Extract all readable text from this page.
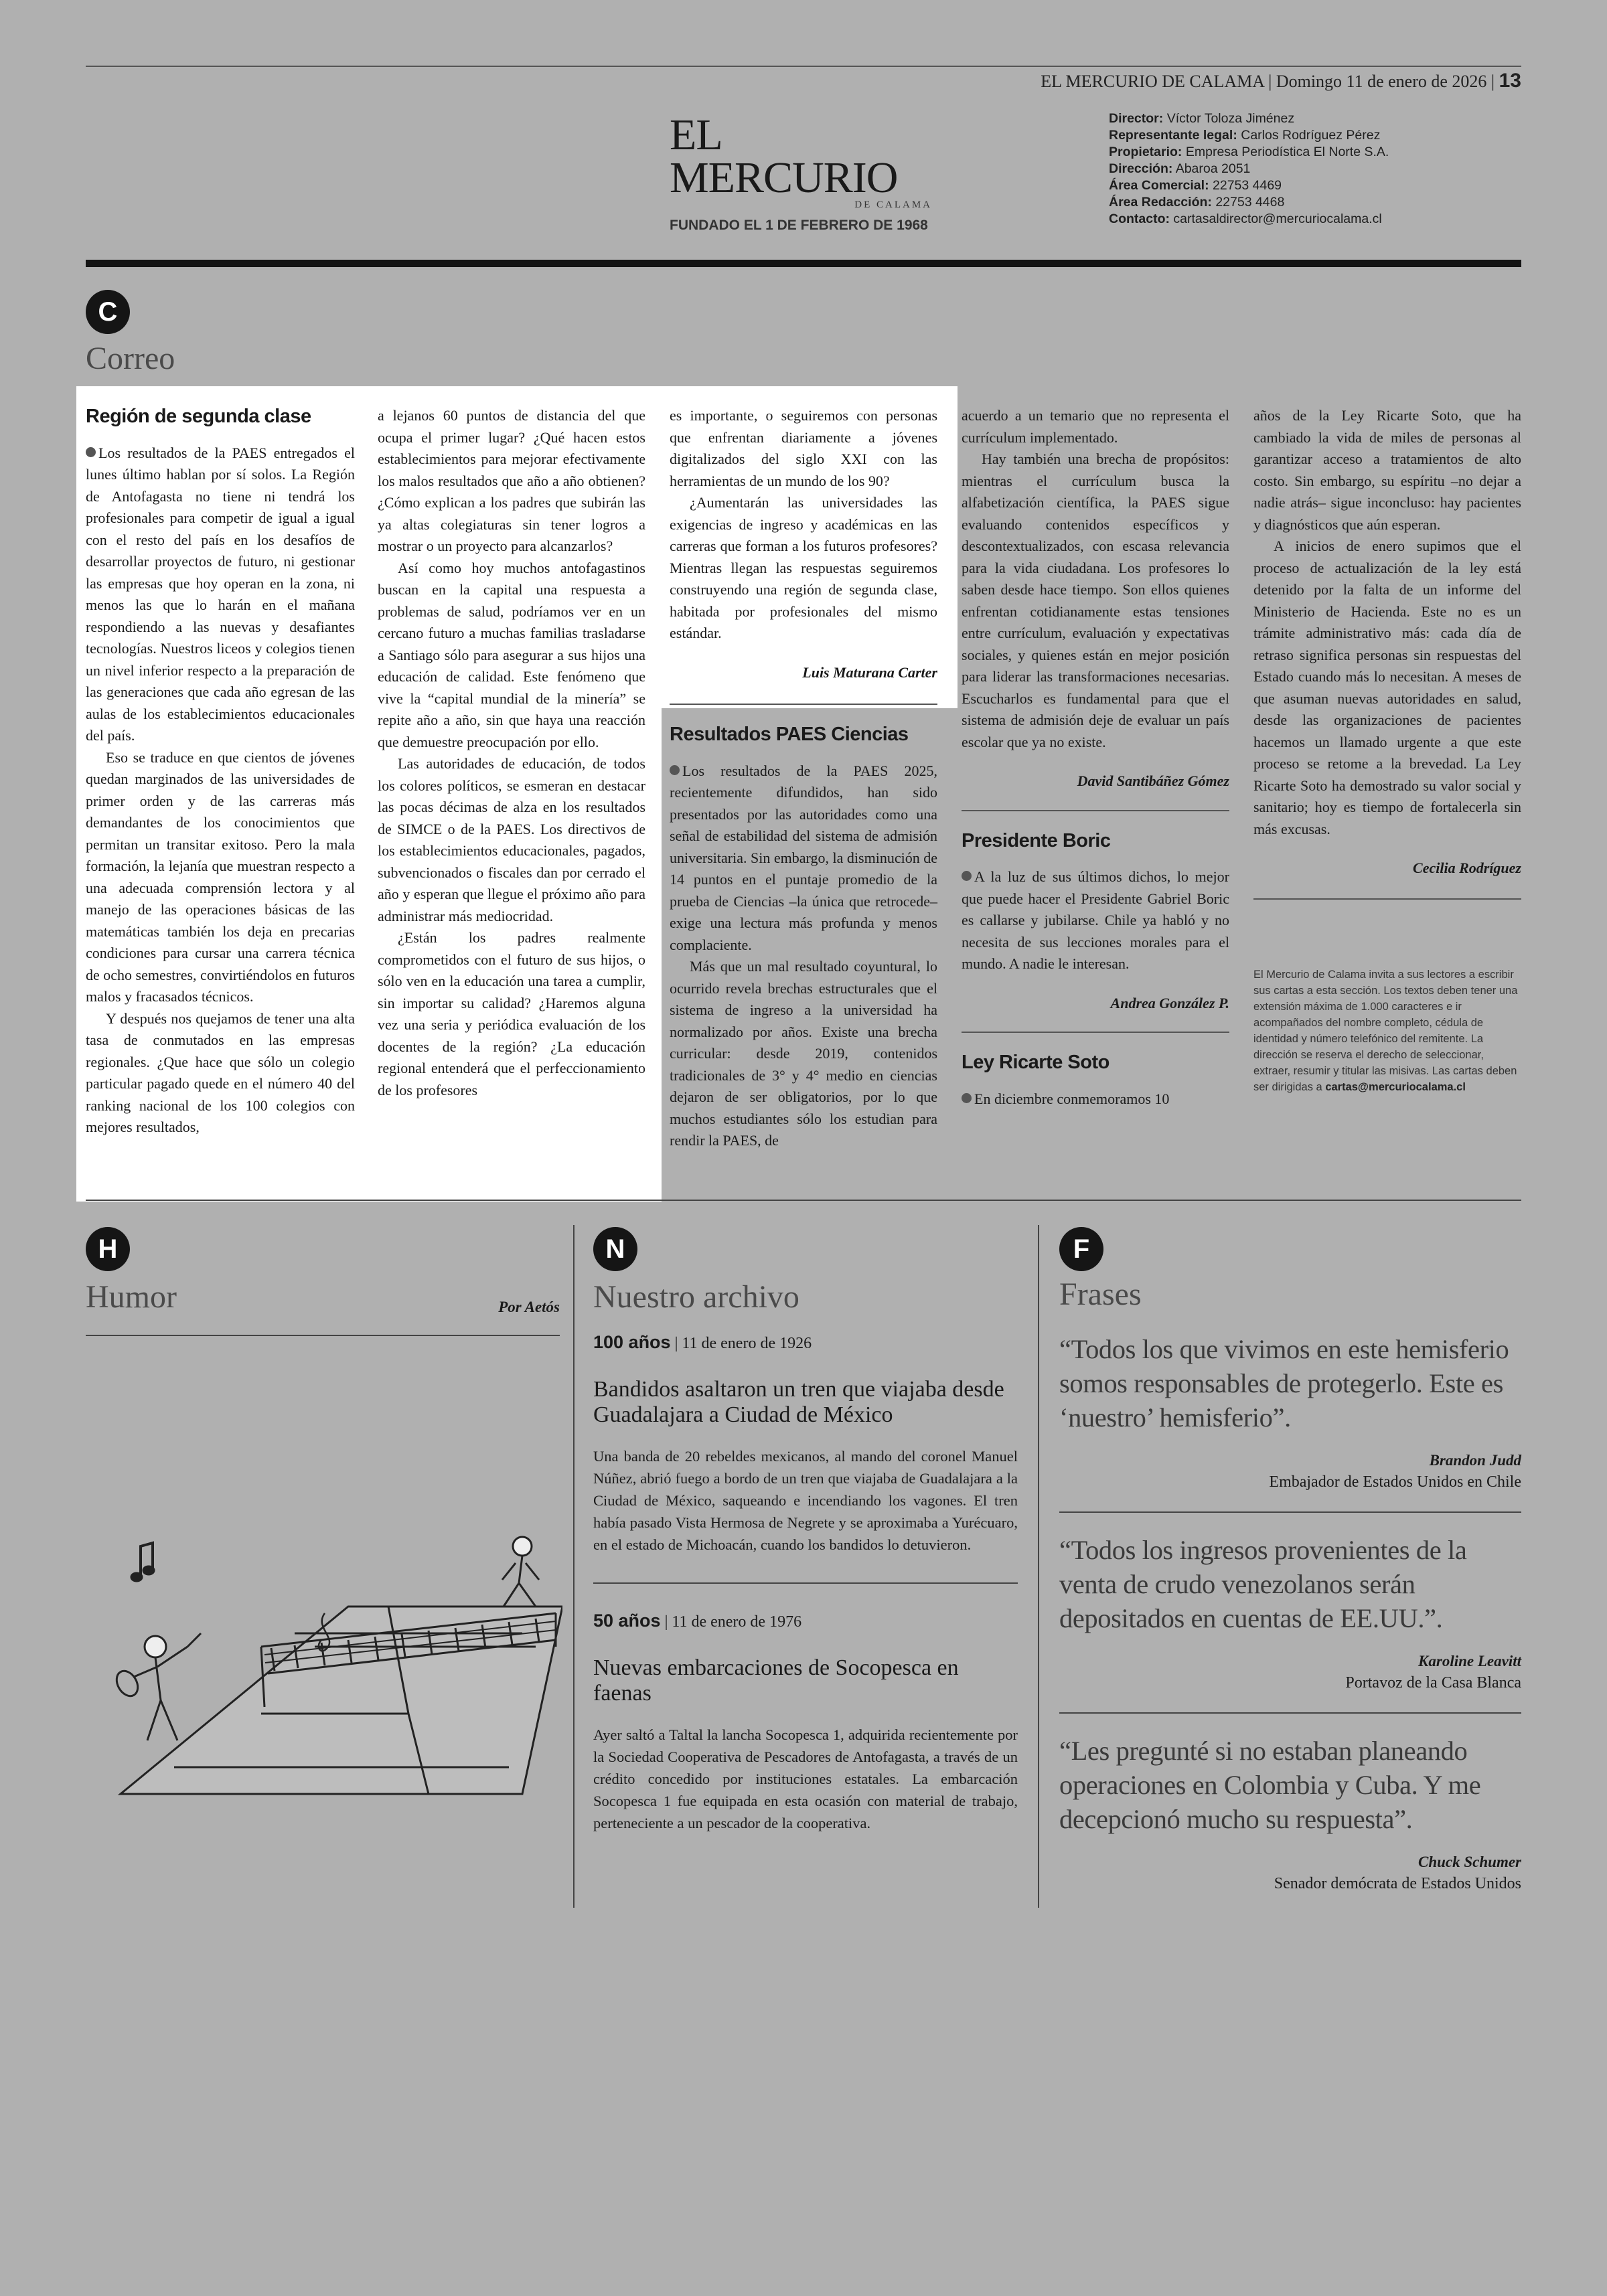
EL MERCURIO DE CALAMA | Domingo 11 de enero de 2026 | 13
EL MERCURIO
DE CALAMA
FUNDADO EL 1 DE FEBRERO DE 1968
Director: Víctor Toloza Jiménez
Representante legal: Carlos Rodríguez Pérez
Propietario: Empresa Periodística El Norte S.A.
Dirección: Abaroa 2051
Área Comercial: 22753 4469
Área Redacción: 22753 4468
Contacto: cartasaldirector@mercuriocalama.cl
C
Correo
Región de segunda clase

Los resultados de la PAES entregados el lunes último hablan por sí solos. La Región de Antofagasta no tiene ni tendrá los profesionales para competir de igual a igual con el resto del país en los desafíos de desarrollar proyectos de futuro, ni gestionar las empresas que hoy operan en la zona, ni menos las que lo harán en el mañana respondiendo a las nuevas y desafiantes tecnologías. Nuestros liceos y colegios tienen un nivel inferior respecto a la preparación de las generaciones que cada año egresan de las aulas de los establecimientos educacionales del país.

Eso se traduce en que cientos de jóvenes quedan marginados de las universidades de primer orden y de las carreras más demandantes de los conocimientos que permitan un transitar exitoso. Pero la mala formación, la lejanía que muestran respecto a una adecuada comprensión lectora y al manejo de las operaciones básicas de las matemáticas también los deja en precarias condiciones para cursar una carrera técnica de ocho semestres, convirtiéndolos en futuros malos y fracasados técnicos.

Y después nos quejamos de tener una alta tasa de conmutados en las empresas regionales. ¿Que hace que sólo un colegio particular pagado quede en el número 40 del ranking nacional de los 100 colegios con mejores resultados,

a lejanos 60 puntos de distancia del que ocupa el primer lugar? ¿Qué hacen estos establecimientos para mejorar efectivamente los malos resultados que año a año obtienen? ¿Cómo explican a los padres que subirán las ya altas colegiaturas sin tener logros a mostrar o un proyecto para alcanzarlos?

Así como hoy muchos antofagastinos buscan en la capital una respuesta a problemas de salud, podríamos ver en un cercano futuro a muchas familias trasladarse a Santiago sólo para asegurar a sus hijos una educación de calidad. Este fenómeno que vive la “capital mundial de la minería” se repite año a año, sin que haya una reacción que demuestre preocupación por ello.

Las autoridades de educación, de todos los colores políticos, se esmeran en destacar las pocas décimas de alza en los resultados de SIMCE o de la PAES. Los directivos de los establecimientos educacionales, pagados, subvencionados o fiscales dan por cerrado el año y esperan que llegue el próximo año para administrar más mediocridad.

¿Están los padres realmente comprometidos con el futuro de sus hijos, o sólo ven en la educación una tarea a cumplir, sin importar su calidad? ¿Haremos alguna vez una seria y periódica evaluación de los docentes de la región? ¿La educación regional entenderá que el perfeccionamiento de los profesores

es importante, o seguiremos con personas que enfrentan diariamente a jóvenes digitalizados del siglo XXI con las herramientas de un mundo de los 90?

¿Aumentarán las universidades las exigencias de ingreso y académicas en las carreras que forman a los futuros profesores? Mientras llegan las respuestas seguiremos construyendo una región de segunda clase, habitada por profesionales del mismo estándar.

Luis Maturana Carter

Resultados PAES Ciencias

Los resultados de la PAES 2025, recientemente difundidos, han sido presentados por las autoridades como una señal de estabilidad del sistema de admisión universitaria. Sin embargo, la disminución de 14 puntos en el puntaje promedio de la prueba de Ciencias –la única que retrocede– exige una lectura más profunda y menos complaciente.

Más que un mal resultado coyuntural, lo ocurrido revela brechas estructurales que el sistema de ingreso a la universidad ha normalizado por años. Existe una brecha curricular: desde 2019, contenidos tradicionales de 3° y 4° medio en ciencias dejaron de ser obligatorios, por lo que muchos estudiantes sólo los estudian para rendir la PAES, de

acuerdo a un temario que no representa el currículum implementado.

Hay también una brecha de propósitos: mientras el currículum busca la alfabetización científica, la PAES sigue evaluando contenidos específicos y descontextualizados, con escasa relevancia para la vida ciudadana. Los profesores lo saben desde hace tiempo. Son ellos quienes enfrentan cotidianamente estas tensiones entre currículum, evaluación y expectativas sociales, y quienes están en mejor posición para liderar las transformaciones necesarias. Escucharlos es fundamental para que el sistema de admisión deje de evaluar un país escolar que ya no existe.

David Santibáñez Gómez

Presidente Boric

A la luz de sus últimos dichos, lo mejor que puede hacer el Presidente Gabriel Boric es callarse y jubilarse. Chile ya habló y no necesita de sus lecciones morales para el mundo. A nadie le interesan.

Andrea González P.

Ley Ricarte Soto

En diciembre conmemoramos 10

años de la Ley Ricarte Soto, que ha cambiado la vida de miles de personas al garantizar acceso a tratamientos de alto costo. Sin embargo, su espíritu –no dejar a nadie atrás– sigue inconcluso: hay pacientes y diagnósticos que aún esperan.

A inicios de enero supimos que el proceso de actualización de la ley está detenido por la falta de un informe del Ministerio de Hacienda. Este no es un trámite administrativo más: cada día de retraso significa personas sin respuestas del Estado cuando más lo necesitan. A meses de que asuman nuevas autoridades en salud, desde las organizaciones de pacientes hacemos un llamado urgente a que este proceso se retome a la brevedad. La Ley Ricarte Soto ha demostrado su valor social y sanitario; hoy es tiempo de fortalecerla sin más excusas.

Cecilia Rodríguez

El Mercurio de Calama invita a sus lectores a escribir sus cartas a esta sección. Los textos deben tener una extensión máxima de 1.000 caracteres e ir acompañados del nombre completo, cédula de identidad y número telefónico del remitente. La dirección se reserva el derecho de seleccionar, extraer, resumir y titular las misivas. Las cartas deben ser dirigidas a cartas@mercuriocalama.cl

H
Humor	Por Aetós
N
Nuestro archivo
100 años | 11 de enero de 1926
Bandidos asaltaron un tren que viajaba desde Guadalajara a Ciudad de México
Una banda de 20 rebeldes mexicanos, al mando del coronel Manuel Núñez, abrió fuego a bordo de un tren que viajaba de Guadalajara a la Ciudad de México, saqueando e incendiando los vagones. El tren había pasado Vista Hermosa de Negrete y se aproximaba a Yurécuaro, en el estado de Michoacán, cuando los bandidos lo detuvieron.
50 años | 11 de enero de 1976
Nuevas embarcaciones de Socopesca en faenas
Ayer saltó a Taltal la lancha Socopesca 1, adquirida recientemente por la Sociedad Cooperativa de Pescadores de Antofagasta, a través de un crédito concedido por instituciones estatales. La embarcación Socopesca 1 fue equipada en esta ocasión con material de trabajo, perteneciente a un pescador de la cooperativa.
F
Frases
“Todos los que vivimos en este hemisferio somos responsables de protegerlo. Este es ‘nuestro’ hemisferio”.
Brandon Judd
Embajador de Estados Unidos en Chile
“Todos los ingresos provenientes de la venta de crudo venezolanos serán depositados en cuentas de EE.UU.”.
Karoline Leavitt
Portavoz de la Casa Blanca
“Les pregunté si no estaban planeando operaciones en Colombia y Cuba. Y me decepcionó mucho su respuesta”.
Chuck Schumer
Senador demócrata de Estados Unidos
